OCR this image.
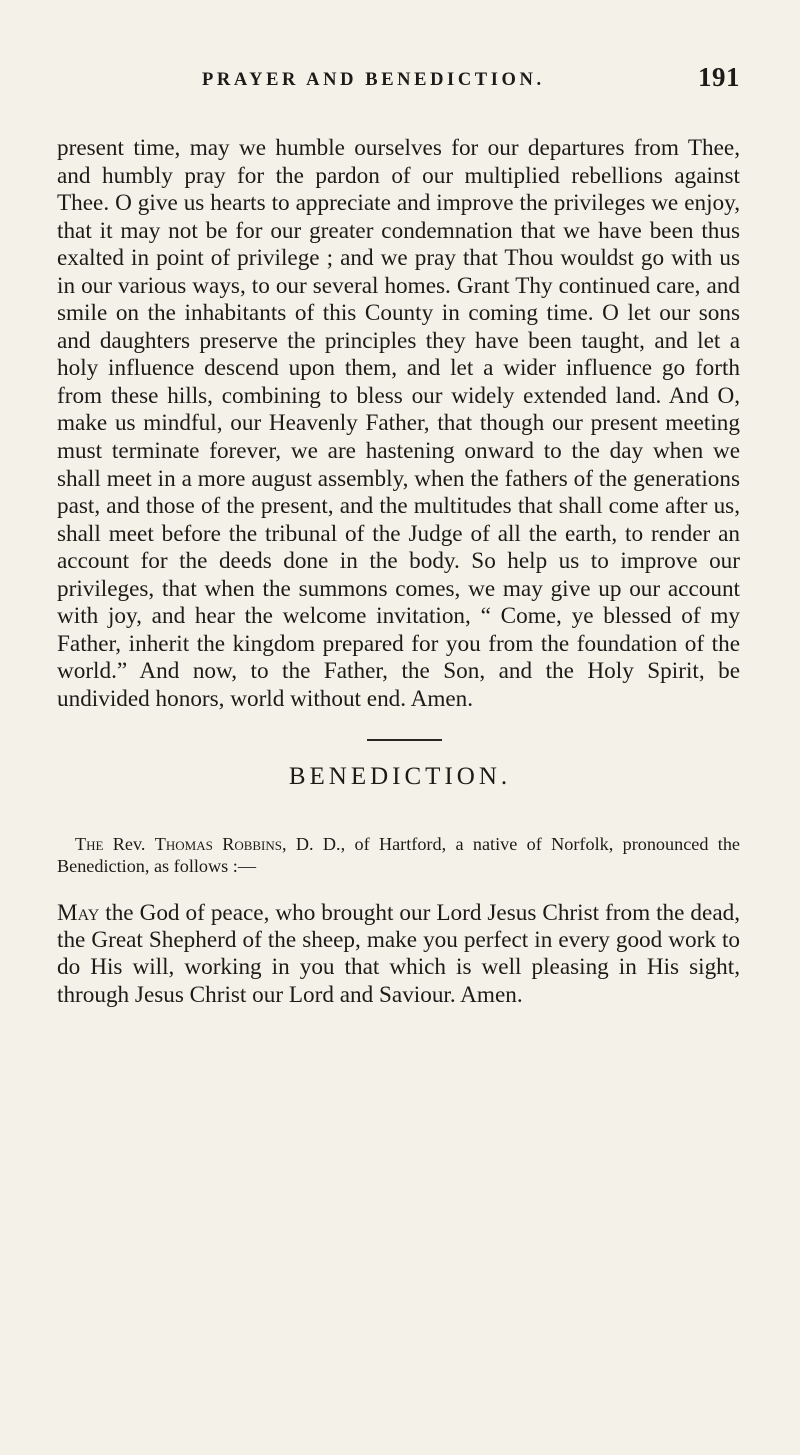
PRAYER AND BENEDICTION.	191

present time, may we humble ourselves for our departures from Thee, and humbly pray for the pardon of our multiplied rebellions against Thee. O give us hearts to appreciate and improve the privileges we enjoy, that it may not be for our greater condemnation that we have been thus exalted in point of privilege ; and we pray that Thou wouldst go with us in our various ways, to our several homes. Grant Thy continued care, and smile on the inhabitants of this County in coming time. O let our sons and daughters preserve the principles they have been taught, and let a holy influence descend upon them, and let a wider influence go forth from these hills, combining to bless our widely extended land. And O, make us mindful, our Heavenly Father, that though our present meeting must terminate forever, we are hastening onward to the day when we shall meet in a more august assembly, when the fathers of the generations past, and those of the present, and the multitudes that shall come after us, shall meet before the tribunal of the Judge of all the earth, to render an account for the deeds done in the body. So help us to improve our privileges, that when the summons comes, we may give up our account with joy, and hear the welcome invitation, “ Come, ye blessed of my Father, inherit the kingdom prepared for you from the foundation of the world.” And now, to the Father, the Son, and the Holy Spirit, be undivided honors, world without end. Amen.

BENEDICTION.

The Rev. Thomas Robbins, D. D., of Hartford, a native of Norfolk, pronounced the Benediction, as follows :—

May the God of peace, who brought our Lord Jesus Christ from the dead, the Great Shepherd of the sheep, make you perfect in every good work to do His will, working in you that which is well pleasing in His sight, through Jesus Christ our Lord and Saviour. Amen.
